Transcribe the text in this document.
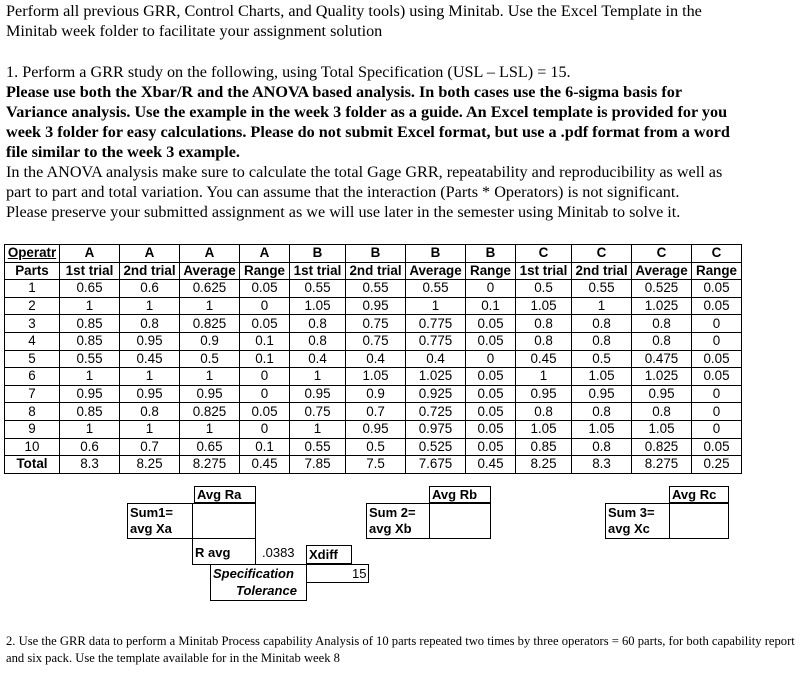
Perform all previous GRR, Control Charts, and Quality tools) using Minitab. Use the Excel Template in the
Minitab week folder to facilitate your assignment solution
1. Perform a GRR study on the following, using Total Specification (USL – LSL) = 15.
Please use both the Xbar/R and the ANOVA based analysis. In both cases use the 6-sigma basis for
Variance analysis. Use the example in the week 3 folder as a guide. An Excel template is provided for you
week 3 folder for easy calculations. Please do not submit Excel format, but use a .pdf format from a word
file similar to the week 3 example.
In the ANOVA analysis make sure to calculate the total Gage GRR, repeatability and reproducibility as well as
part to part and total variation. You can assume that the interaction (Parts * Operators) is not significant.
Please preserve your submitted assignment as we will use later in the semester using Minitab to solve it.
Operatr	A	A	A	A	B	B	B	B	C	C	C	C
Parts	1st trial	2nd trial	Average	Range	1st trial	2nd trial	Average	Range	1st trial	2nd trial	Average	Range
1	0.65	0.6	0.625	0.05	0.55	0.55	0.55	0	0.5	0.55	0.525	0.05
2	1	1	1	0	1.05	0.95	1	0.1	1.05	1	1.025	0.05
3	0.85	0.8	0.825	0.05	0.8	0.75	0.775	0.05	0.8	0.8	0.8	0
4	0.85	0.95	0.9	0.1	0.8	0.75	0.775	0.05	0.8	0.8	0.8	0
5	0.55	0.45	0.5	0.1	0.4	0.4	0.4	0	0.45	0.5	0.475	0.05
6	1	1	1	0	1	1.05	1.025	0.05	1	1.05	1.025	0.05
7	0.95	0.95	0.95	0	0.95	0.9	0.925	0.05	0.95	0.95	0.95	0
8	0.85	0.8	0.825	0.05	0.75	0.7	0.725	0.05	0.8	0.8	0.8	0
9	1	1	1	0	1	0.95	0.975	0.05	1.05	1.05	1.05	0
10	0.6	0.7	0.65	0.1	0.55	0.5	0.525	0.05	0.85	0.8	0.825	0.05
Total	8.3	8.25	8.275	0.45	7.85	7.5	7.675	0.45	8.25	8.3	8.275	0.25
Avg Ra	Avg Rb	Avg Rc
Sum1=
avg Xa
Sum 2=
avg Xb
Sum 3=
avg Xc
R avg .0383 Xdiff
Specification
Tolerance
15
2. Use the GRR data to perform a Minitab Process capability Analysis of 10 parts repeated two times by three operators = 60 parts, for both capability report and six pack. Use the template available for in the Minitab week 8
